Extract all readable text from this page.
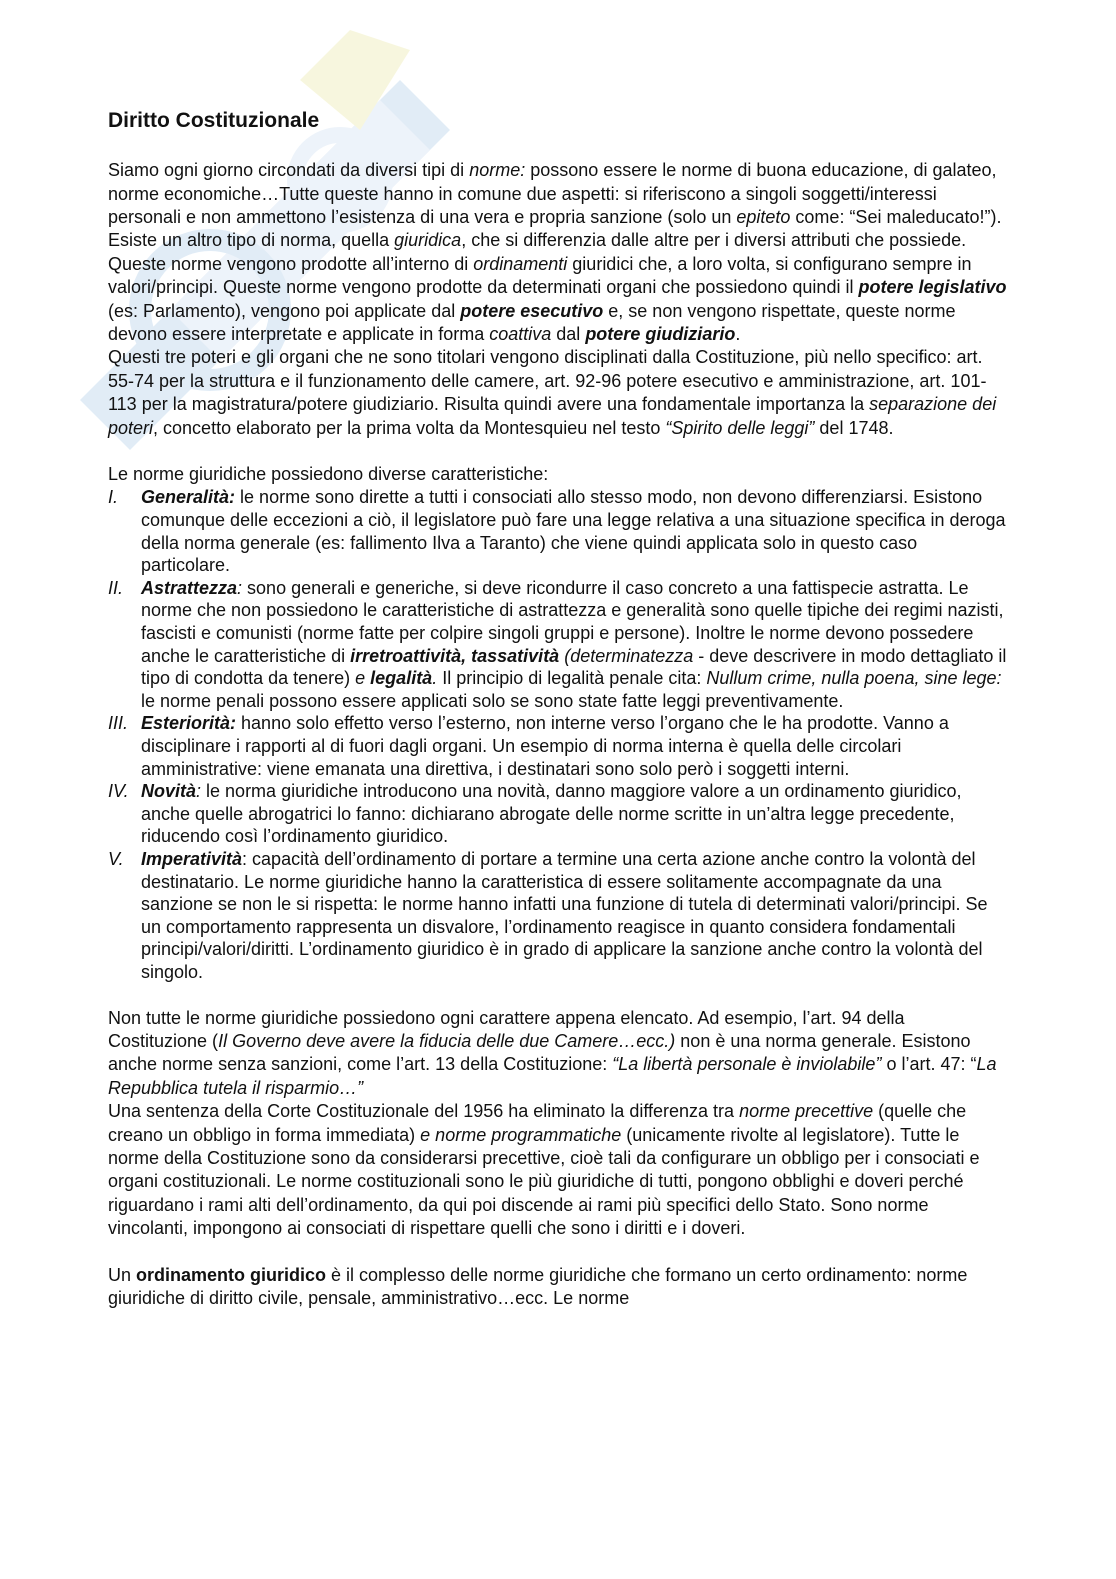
Diritto Costituzionale

Siamo ogni giorno circondati da diversi tipi di norme: possono essere le norme di buona educazione, di galateo, norme economiche…Tutte queste hanno in comune due aspetti: si riferiscono a singoli soggetti/interessi personali e non ammettono l’esistenza di una vera e propria sanzione (solo un epiteto come: “Sei maleducato!”).

Esiste un altro tipo di norma, quella giuridica, che si differenzia dalle altre per i diversi attributi che possiede. Queste norme vengono prodotte all’interno di ordinamenti giuridici che, a loro volta, si configurano sempre in valori/principi. Queste norme vengono prodotte da determinati organi che possiedono quindi il potere legislativo (es: Parlamento), vengono poi applicate dal potere esecutivo e, se non vengono rispettate, queste norme devono essere interpretate e applicate in forma coattiva dal potere giudiziario.

Questi tre poteri e gli organi che ne sono titolari vengono disciplinati dalla Costituzione, più nello specifico: art. 55-74 per la struttura e il funzionamento delle camere, art. 92-96 potere esecutivo e amministrazione, art. 101-113 per la magistratura/potere giudiziario. Risulta quindi avere una fondamentale importanza la separazione dei poteri, concetto elaborato per la prima volta da Montesquieu nel testo “Spirito delle leggi” del 1748.

Le norme giuridiche possiedono diverse caratteristiche:

I. Generalità: le norme sono dirette a tutti i consociati allo stesso modo, non devono differenziarsi. Esistono comunque delle eccezioni a ciò, il legislatore può fare una legge relativa a una situazione specifica in deroga della norma generale (es: fallimento Ilva a Taranto) che viene quindi applicata solo in questo caso particolare.
II. Astrattezza: sono generali e generiche, si deve ricondurre il caso concreto a una fattispecie astratta. Le norme che non possiedono le caratteristiche di astrattezza e generalità sono quelle tipiche dei regimi nazisti, fascisti e comunisti (norme fatte per colpire singoli gruppi e persone). Inoltre le norme devono possedere anche le caratteristiche di irretroattività, tassatività (determinatezza - deve descrivere in modo dettagliato il tipo di condotta da tenere) e legalità. Il principio di legalità penale cita: Nullum crime, nulla poena, sine lege: le norme penali possono essere applicati solo se sono state fatte leggi preventivamente.
III. Esteriorità: hanno solo effetto verso l’esterno, non interne verso l’organo che le ha prodotte. Vanno a disciplinare i rapporti al di fuori dagli organi. Un esempio di norma interna è quella delle circolari amministrative: viene emanata una direttiva, i destinatari sono solo però i soggetti interni.
IV. Novità: le norma giuridiche introducono una novità, danno maggiore valore a un ordinamento giuridico, anche quelle abrogatrici lo fanno: dichiarano abrogate delle norme scritte in un’altra legge precedente, riducendo così l’ordinamento giuridico.
V. Imperatività: capacità dell’ordinamento di portare a termine una certa azione anche contro la volontà del destinatario. Le norme giuridiche hanno la caratteristica di essere solitamente accompagnate da una sanzione se non le si rispetta: le norme hanno infatti una funzione di tutela di determinati valori/principi. Se un comportamento rappresenta un disvalore, l’ordinamento reagisce in quanto considera fondamentali principi/valori/diritti. L’ordinamento giuridico è in grado di applicare la sanzione anche contro la volontà del singolo.

Non tutte le norme giuridiche possiedono ogni carattere appena elencato. Ad esempio, l’art. 94 della Costituzione (Il Governo deve avere la fiducia delle due Camere…ecc.) non è una norma generale. Esistono anche norme senza sanzioni, come l’art. 13 della Costituzione: “La libertà personale è inviolabile” o l’art. 47: “La Repubblica tutela il risparmio…”

Una sentenza della Corte Costituzionale del 1956 ha eliminato la differenza tra norme precettive (quelle che creano un obbligo in forma immediata) e norme programmatiche (unicamente rivolte al legislatore). Tutte le norme della Costituzione sono da considerarsi precettive, cioè tali da configurare un obbligo per i consociati e organi costituzionali. Le norme costituzionali sono le più giuridiche di tutti, pongono obblighi e doveri perché riguardano i rami alti dell’ordinamento, da qui poi discende ai rami più specifici dello Stato. Sono norme vincolanti, impongono ai consociati di rispettare quelli che sono i diritti e i doveri.

Un ordinamento giuridico è il complesso delle norme giuridiche che formano un certo ordinamento: norme giuridiche di diritto civile, pensale, amministrativo…ecc. Le norme
